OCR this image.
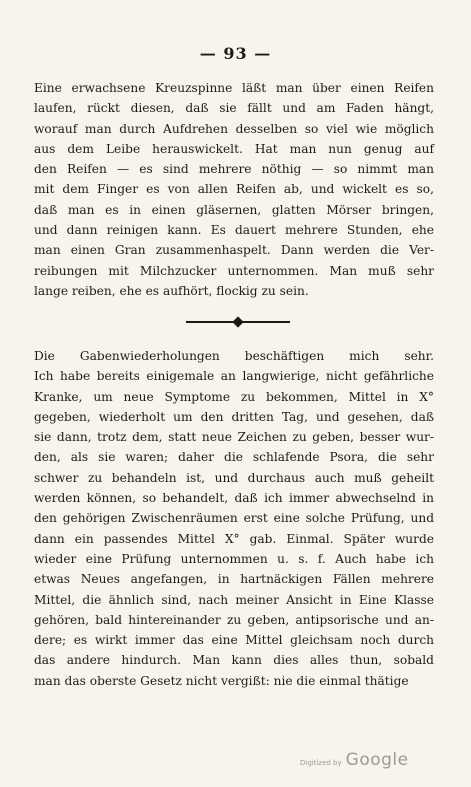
— 93 —
Eine erwachsene Kreuzspinne läßt man über einen Reifen
laufen, rückt diesen, daß sie fällt und am Faden hängt,
worauf man durch Aufdrehen desselben so viel wie möglich
aus dem Leibe herauswickelt. Hat man nun genug auf
den Reifen — es sind mehrere nöthig — so nimmt man
mit dem Finger es von allen Reifen ab, und wickelt es so,
daß man es in einen gläsernen, glatten Mörser bringen,
und dann reinigen kann. Es dauert mehrere Stunden, ehe
man einen Gran zusammenhaspelt. Dann werden die Ver-
reibungen mit Milchzucker unternommen. Man muß sehr
lange reiben, ehe es aufhört, flockig zu sein.
Die Gabenwiederholungen beschäftigen mich sehr.
Ich habe bereits einigemale an langwierige, nicht gefährliche
Kranke, um neue Symptome zu bekommen, Mittel in X°
gegeben, wiederholt um den dritten Tag, und gesehen, daß
sie dann, trotz dem, statt neue Zeichen zu geben, besser wur-
den, als sie waren; daher die schlafende Psora, die sehr
schwer zu behandeln ist, und durchaus auch muß geheilt
werden können, so behandelt, daß ich immer abwechselnd in
den gehörigen Zwischenräumen erst eine solche Prüfung, und
dann ein passendes Mittel X° gab. Einmal. Später wurde
wieder eine Prüfung unternommen u. s. f. Auch habe ich
etwas Neues angefangen, in hartnäckigen Fällen mehrere
Mittel, die ähnlich sind, nach meiner Ansicht in Eine Klasse
gehören, bald hintereinander zu geben, antipsorische und an-
dere; es wirkt immer das eine Mittel gleichsam noch durch
das andere hindurch. Man kann dies alles thun, sobald
man das oberste Gesetz nicht vergißt: nie die einmal thätige
Digitized by Google
